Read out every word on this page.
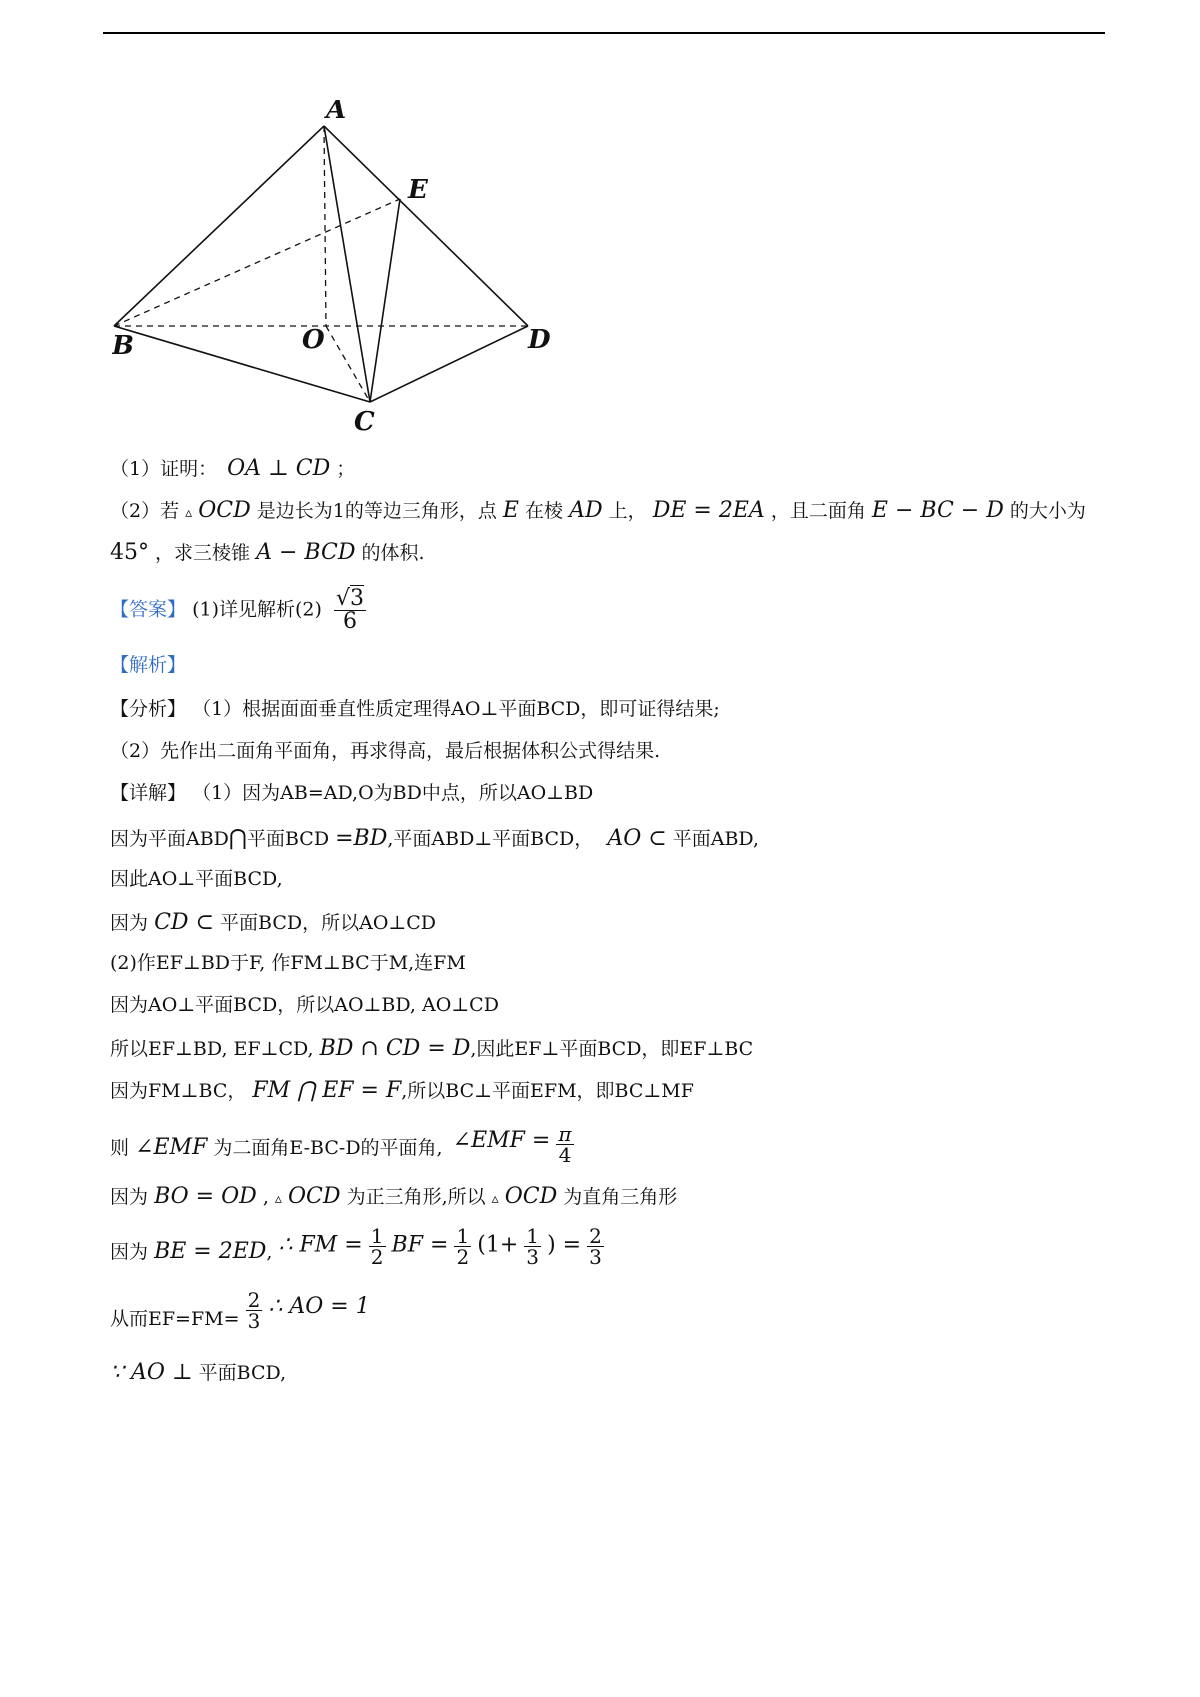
A
E
B	O	D
C
（1）证明： OA ⊥ CD ；
（2）若 ▵ OCD 是边长为1的等边三角形，点 E 在棱 AD 上， DE = 2EA ，且二面角 E − BC − D 的大小为
45° ，求三棱锥 A − BCD 的体积.
【答案】 (1)详见解析$(2) \frac{√3}{6}$
【解析】
【分析】 （1）根据面面垂直性质定理得AO⊥平面BCD，即可证得结果;
（2）先作出二面角平面角，再求得高，最后根据体积公式得结果.
【详解】 （1）因为AB=AD,O为BD中点，所以AO⊥BD
因为平面ABD⋂平面BCD =BD,平面ABD⊥平面BCD， AO ⊂ 平面ABD,
因此AO⊥平面BCD,
因为 CD ⊂ 平面BCD，所以AO⊥CD
(2)作EF⊥BD于F, 作FM⊥BC于M,连FM
因为AO⊥平面BCD，所以AO⊥BD, AO⊥CD
所以EF⊥BD, EF⊥CD, BD ∩ CD = D,因此EF⊥平面BCD，即EF⊥BC
因为FM⊥BC， FM ⋂ EF = F,所以BC⊥平面EFM，即BC⊥MF
则 ∠EMF 为二面角E-BC-D的平面角, ∠EMF = $\frac{\pi}{4}$
因为 BO = OD , ▵ OCD 为正三角形,所以 ▵ OCD 为直角三角形
因为 BE = 2ED, ∴ FM = $\frac{1}{2}$ BF = $\frac{1}{2} (1+ \frac{1}{3}$ ) = $\frac{2}{3}$
从而$EF=FM= \frac{2}{3}$ ∴ AO = 1
∵ AO ⊥ 平面BCD,
